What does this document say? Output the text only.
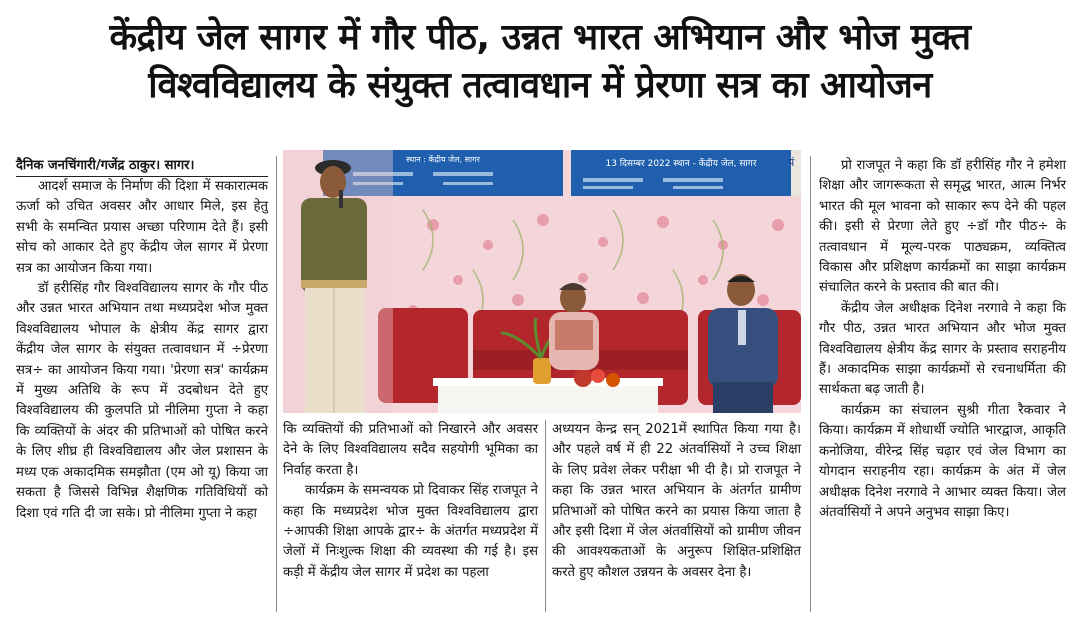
केंद्रीय जेल सागर में गौर पीठ, उन्नत भारत अभियान और भोज मुक्त
विश्वविद्यालय के संयुक्त तत्वावधान में प्रेरणा सत्र का आयोजन

दैनिक जनचिंगारी/गजेंद्र ठाकुर। सागर।

आदर्श समाज के निर्माण की दिशा में सकारात्मक ऊर्जा को उचित अवसर और आधार मिले, इस हेतु सभी के समन्वित प्रयास अच्छा परिणाम देते हैं। इसी सोच को आकार देते हुए केंद्रीय जेल सागर में प्रेरणा सत्र का आयोजन किया गया।

डॉ हरीसिंह गौर विश्वविद्यालय सागर के गौर पीठ और उन्नत भारत अभियान तथा मध्यप्रदेश भोज मुक्त विश्वविद्यालय भोपाल के क्षेत्रीय केंद्र सागर द्वारा केंद्रीय जेल सागर के संयुक्त तत्वावधान में ÷प्रेरणा सत्र÷ का आयोजन किया गया। 'प्रेरणा सत्र' कार्यक्रम में मुख्य अतिथि के रूप में उदबोधन देते हुए विश्वविद्यालय की कुलपति प्रो नीलिमा गुप्ता ने कहा कि व्यक्तियों के अंदर की प्रतिभाओं को पोषित करने के लिए शीघ्र ही विश्वविद्यालय और जेल प्रशासन के मध्य एक अकादमिक समझौता (एम ओ यू) किया जा सकता है जिससे विभिन्न शैक्षणिक गतिविधियों को दिशा एवं गति दी जा सके। प्रो नीलिमा गुप्ता ने कहा

स्थान : केंद्रीय जेल, सागर	13 दिसम्बर 2022 स्थान - केंद्रीय जेल, सागर	पं

कि व्यक्तियों की प्रतिभाओं को निखारने और अवसर देने के लिए विश्वविद्यालय सदैव सहयोगी भूमिका का निर्वाह करता है।

कार्यक्रम के समन्वयक प्रो दिवाकर सिंह राजपूत ने कहा कि मध्यप्रदेश भोज मुक्त विश्वविद्यालय द्वारा ÷आपकी शिक्षा आपके द्वार÷ के अंतर्गत मध्यप्रदेश में जेलों में निःशुल्क शिक्षा की व्यवस्था की गई है। इस कड़ी में केंद्रीय जेल सागर में प्रदेश का पहला

अध्ययन केन्द्र सन् 2021में स्थापित किया गया है। और पहले वर्ष में ही 22 अंतर्वासियों ने उच्च शिक्षा के लिए प्रवेश लेकर परीक्षा भी दी है। प्रो राजपूत ने कहा कि उन्नत भारत अभियान के अंतर्गत ग्रामीण प्रतिभाओं को पोषित करने का प्रयास किया जाता है और इसी दिशा में जेल अंतर्वासियों को ग्रामीण जीवन की आवश्यकताओं के अनुरूप शिक्षित-प्रशिक्षित करते हुए कौशल उन्नयन के अवसर देना है।

प्रो राजपूत ने कहा कि डॉ हरीसिंह गौर ने हमेशा शिक्षा और जागरूकता से समृद्ध भारत, आत्म निर्भर भारत की मूल भावना को साकार रूप देने की पहल की। इसी से प्रेरणा लेते हुए ÷डॉ गौर पीठ÷ के तत्वावधान में मूल्य-परक पाठ्यक्रम, व्यक्तित्व विकास और प्रशिक्षण कार्यक्रमों का साझा कार्यक्रम संचालित करने के प्रस्ताव की बात की।

केंद्रीय जेल अधीक्षक दिनेश नरगावे ने कहा कि गौर पीठ, उन्नत भारत अभियान और भोज मुक्त विश्वविद्यालय क्षेत्रीय केंद्र सागर के प्रस्ताव सराहनीय हैं। अकादमिक साझा कार्यक्रमों से रचनाधर्मिता की सार्थकता बढ़ जाती है।

कार्यक्रम का संचालन सुश्री गीता रैकवार ने किया। कार्यक्रम में शोधार्थी ज्योति भारद्वाज, आकृति कनोजिया, वीरेन्द्र सिंह चढ़ार एवं जेल विभाग का योगदान सराहनीय रहा। कार्यक्रम के अंत में जेल अधीक्षक दिनेश नरगावे ने आभार व्यक्त किया। जेल अंतर्वासियों ने अपने अनुभव साझा किए।
